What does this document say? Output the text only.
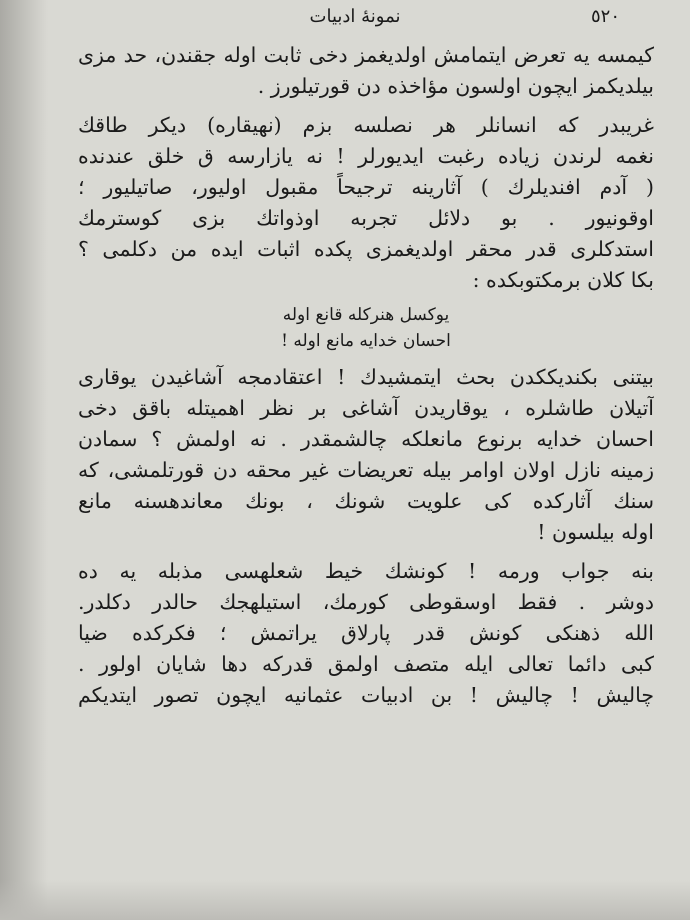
نمونۀ ادبيات	٥٢٠
كيمسه يه تعرض ايتمامش اولديغمز دخى ثابت اوله جقندن، حد مزى
بيلديكمز ايچون اولسون مؤاخذه دن قورتيلورز .
غريبدر كه انسانلر هر نصلسه بزم (نهيقاره) ديكر طاقك
نغمه لرندن زياده رغبت ايديورلر ! نه يازارسه ق خلق عندنده
( آدم افنديلرك ) آثارينه ترجيحاً مقبول اوليور، صاتيليور ؛
اوقونيور . بو دلائل تجربه اوذواتك بزى كوسترمك
استدكلرى قدر محقر اولديغمزى پكده اثبات ايده من دكلمى ؟
بكا كلان برمكتوبكده :
يوكسل هنركله قانع اوله
احسان خدايه مانع اوله !
بيتنى بكنديككدن بحث ايتمشيدك ! اعتقادمجه آشاغيدن يوقارى
آتيلان طاشلره ، يوقاريدن آشاغى بر نظر اهميتله باقق دخى
احسان خدايه برنوع مانعلكه چالشمقدر . نه اولمش ؟ سمادن
زمينه نازل اولان اوامر بيله تعريضات غير محقه دن قورتلمشى، كه
سنك آثاركده كى علويت شونك ، بونك معاندهسنه مانع
اوله بيلسون !
بنه جواب ورمه ! كونشك خيط شعلهسى مذبله يه ده
دوشر . فقط اوسقوطى كورمك، استيلهجك حالدر دكلدر.
الله ذهنكى كونش قدر پارلاق يراتمش ؛ فكركده ضيا
كبى دائما تعالى ايله متصف اولمق قدركه دها شايان اولور .
چاليش ! چاليش ! بن ادبيات عثمانيه ايچون تصور ايتديكم
